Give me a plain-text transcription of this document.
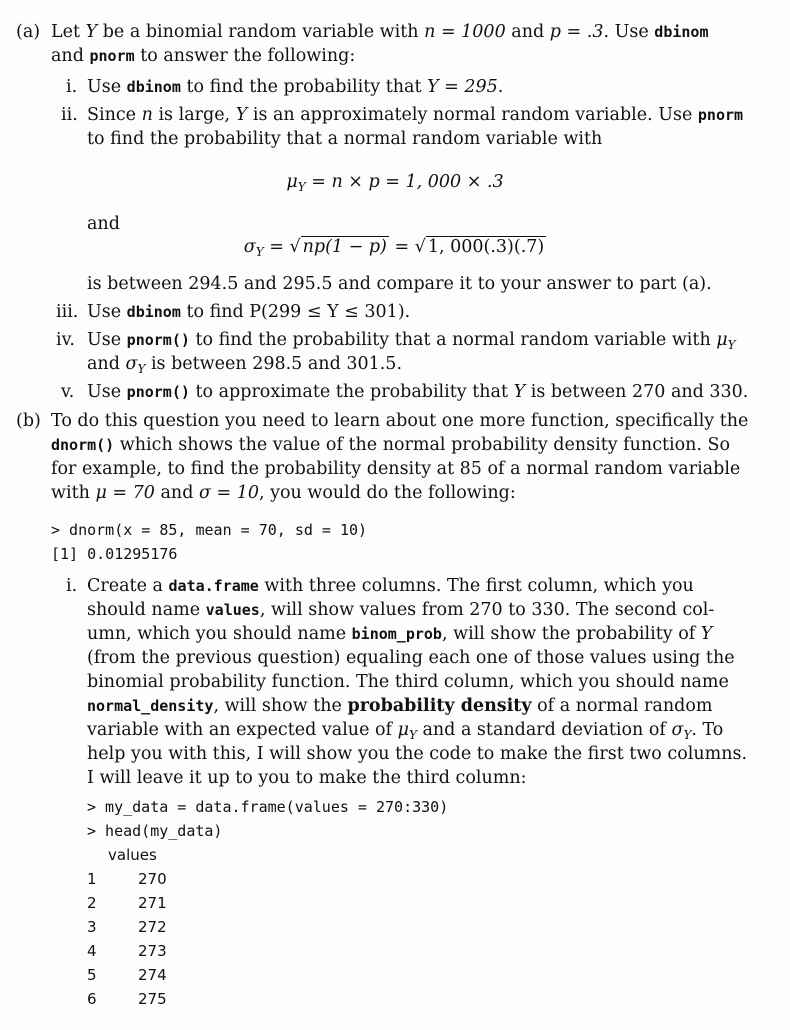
(a) Let Y be a binomial random variable with n = 1000 and p = .3. Use dbinom
and pnorm to answer the following:
i. Use dbinom to find the probability that Y = 295.
ii. Since n is large, Y is an approximately normal random variable. Use pnorm
to find the probability that a normal random variable with
$\mu_Y = n \times p = 1$, 000 × .3
and
$\sigma_Y$ = √ np(1 − p) = √ 1, 000(.3)(.7)
is between 294.5 and 295.5 and compare it to your answer to part (a).
iii. Use dbinom to find P(299 ≤ Y ≤ 301).
iv. Use pnorm() to find the probability that a normal random variable with $\mu_Y$
and $\sigma_Y$ is between 298.5 and 301.5.
v. Use pnorm() to approximate the probability that Y is between 270 and 330.
(b) To do this question you need to learn about one more function, specifically the
dnorm() which shows the value of the normal probability density function. So
for example, to find the probability density at 85 of a normal random variable
with μ = 70 and σ = 10, you would do the following:
> dnorm(x = 85, mean = 70, sd = 10)
[1] 0.01295176
i. Create a data.frame with three columns. The first column, which you
should name values, will show values from 270 to 330. The second col-
umn, which you should name binom_prob, will show the probability of Y
(from the previous question) equaling each one of those values using the
binomial probability function. The third column, which you should name
normal_density, will show the probability density of a normal random
variable with an expected value of $\mu_Y$ and a standard deviation of $\sigma_Y$. To
help you with this, I will show you the code to make the first two columns.
I will leave it up to you to make the third column:
> my_data = data.frame(values = 270:330)
> head(my_data)
values
1	270
2	271
3	272
4	273
5	274
6	275
